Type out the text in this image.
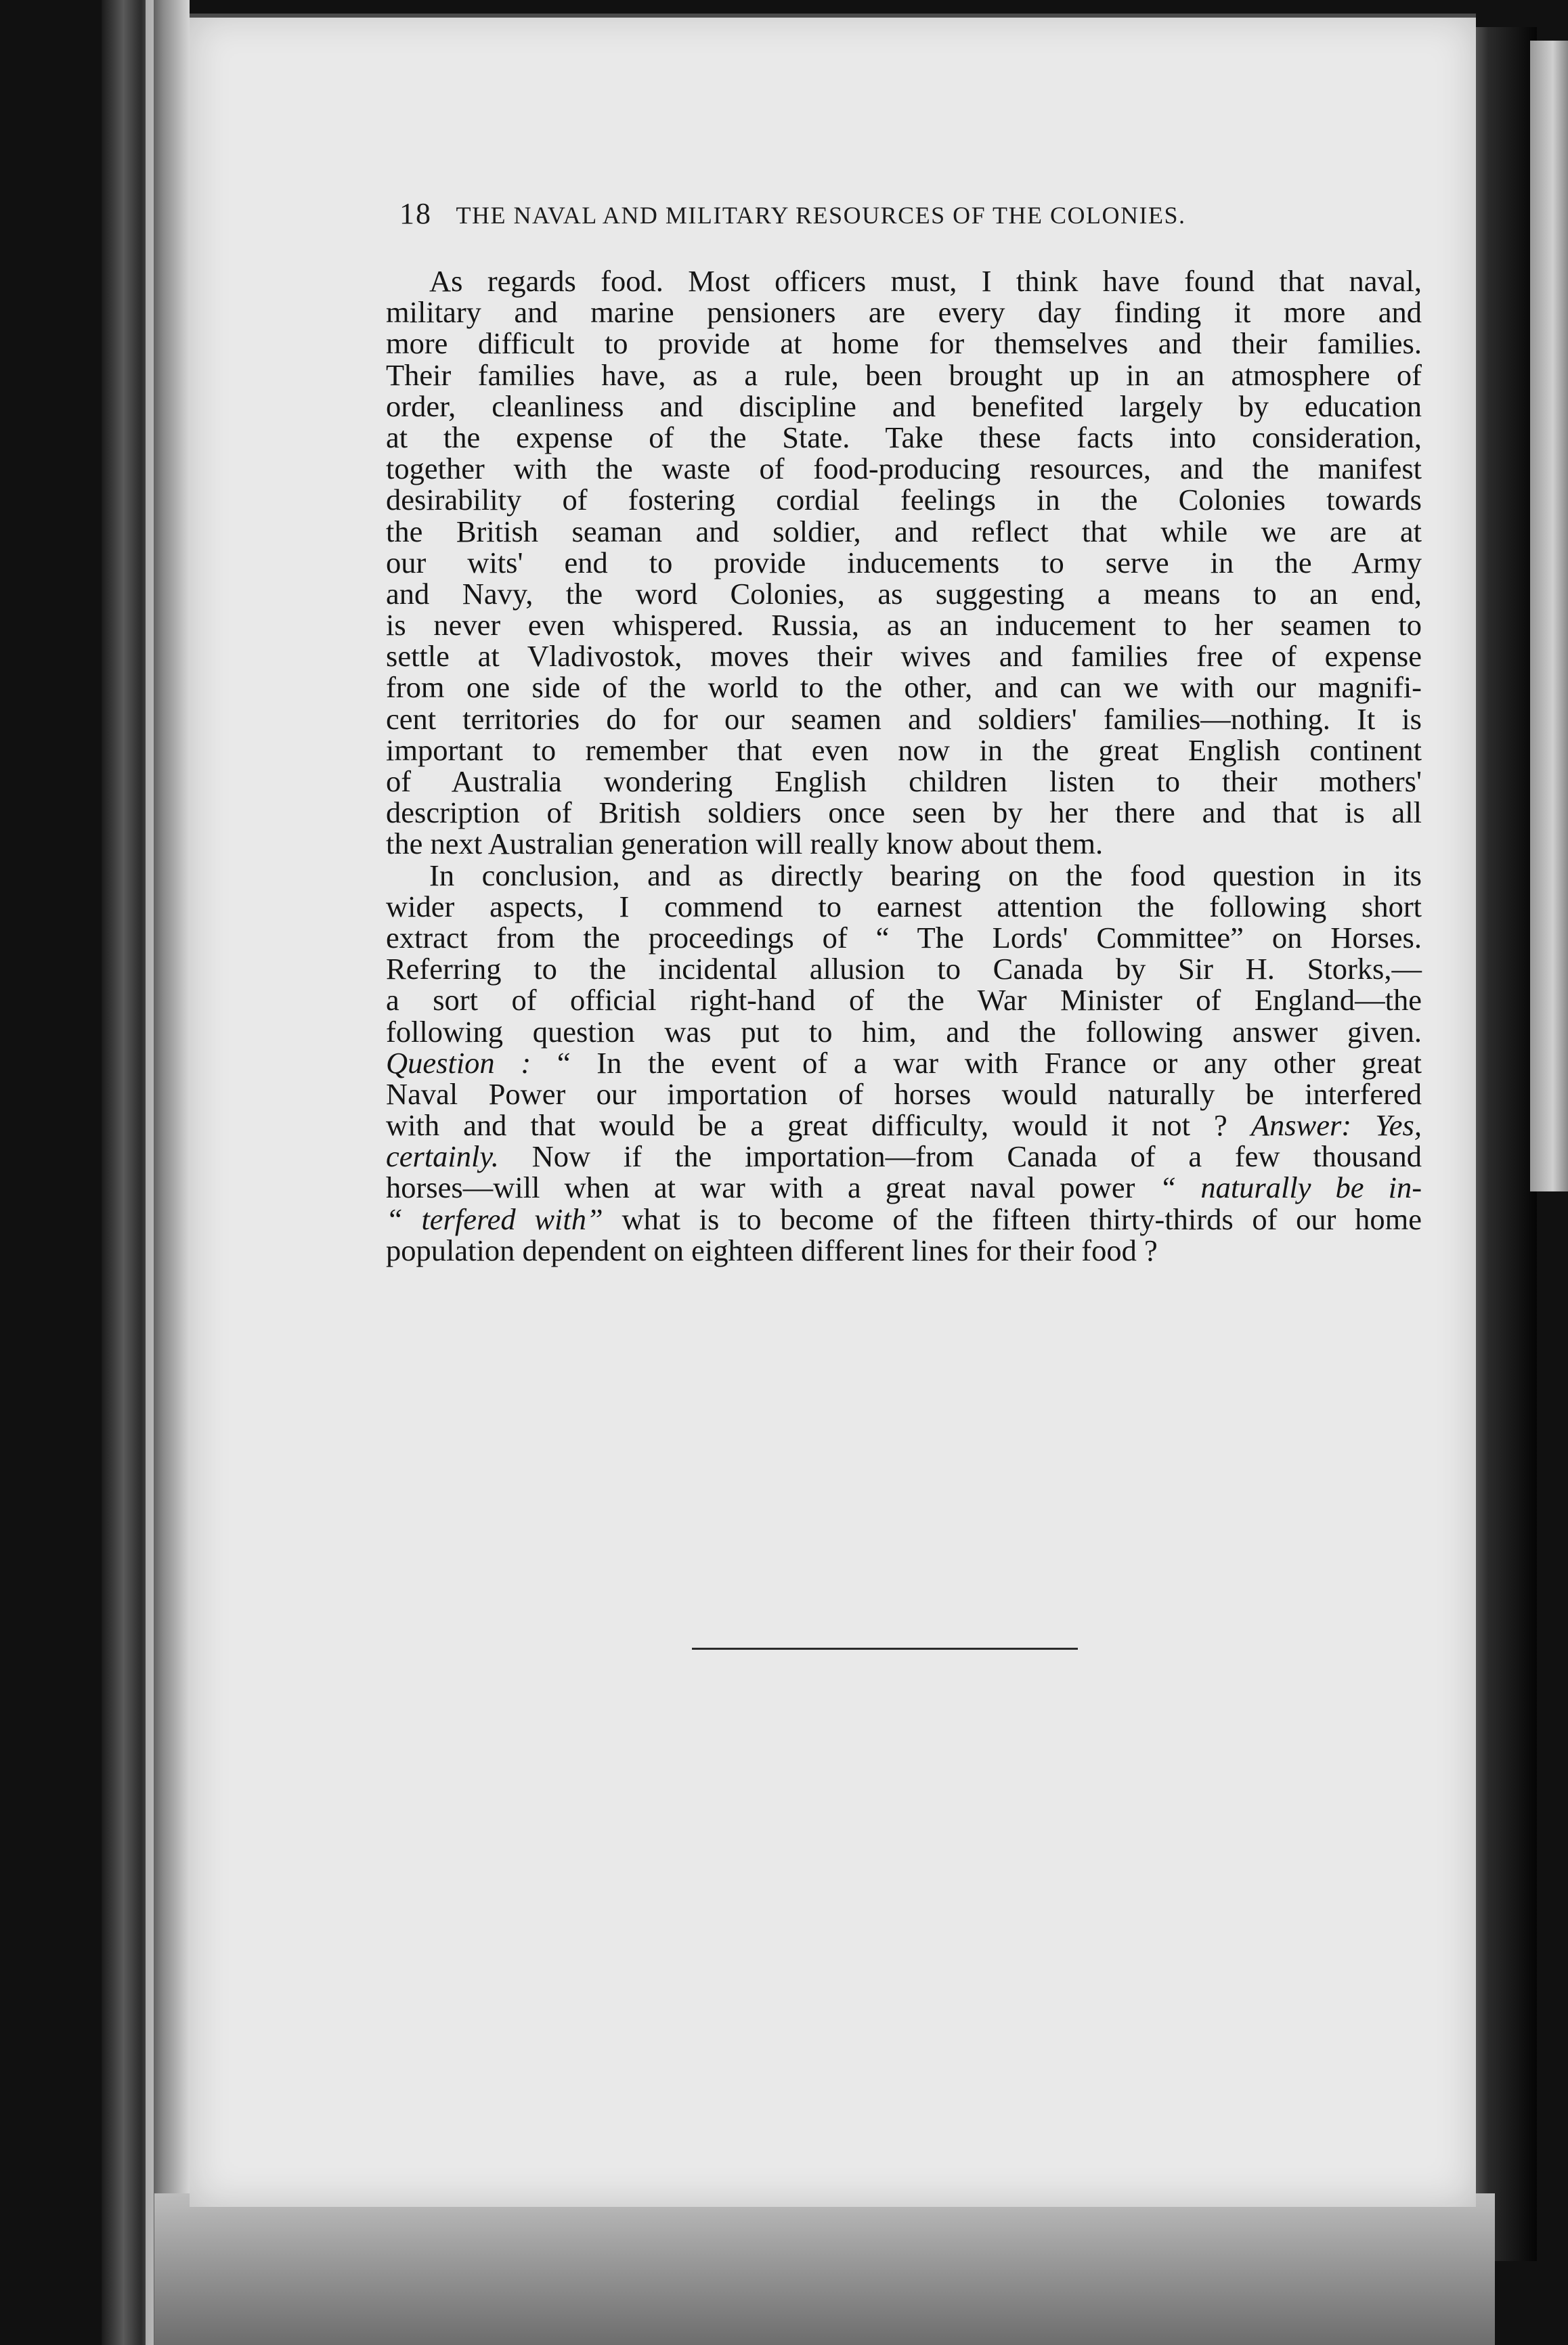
18 THE NAVAL AND MILITARY RESOURCES OF THE COLONIES.
As regards food. Most officers must, I think have found that naval,
military and marine pensioners are every day finding it more and
more difficult to provide at home for themselves and their families.
Their families have, as a rule, been brought up in an atmosphere of
order, cleanliness and discipline and benefited largely by education
at the expense of the State. Take these facts into consideration,
together with the waste of food-producing resources, and the manifest
desirability of fostering cordial feelings in the Colonies towards
the British seaman and soldier, and reflect that while we are at
our wits' end to provide inducements to serve in the Army
and Navy, the word Colonies, as suggesting a means to an end,
is never even whispered. Russia, as an inducement to her seamen to
settle at Vladivostok, moves their wives and families free of expense
from one side of the world to the other, and can we with our magnifi-
cent territories do for our seamen and soldiers' families—nothing. It is
important to remember that even now in the great English continent
of Australia wondering English children listen to their mothers'
description of British soldiers once seen by her there and that is all
the next Australian generation will really know about them.
In conclusion, and as directly bearing on the food question in its
wider aspects, I commend to earnest attention the following short
extract from the proceedings of “ The Lords' Committee” on Horses.
Referring to the incidental allusion to Canada by Sir H. Storks,—
a sort of official right-hand of the War Minister of England—the
following question was put to him, and the following answer given.
Question : “ In the event of a war with France or any other great
Naval Power our importation of horses would naturally be interfered
with and that would be a great difficulty, would it not ? Answer: Yes,
certainly. Now if the importation—from Canada of a few thousand
horses—will when at war with a great naval power “ naturally be in-
“ terfered with” what is to become of the fifteen thirty-thirds of our home
population dependent on eighteen different lines for their food ?
